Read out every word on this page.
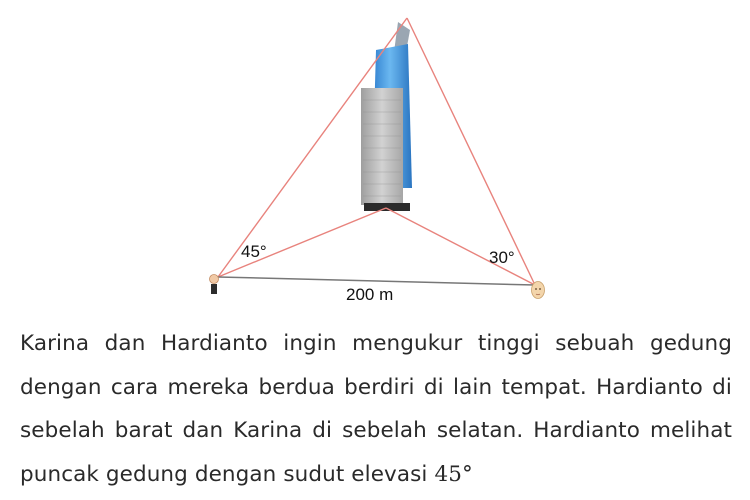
45°	30°
200 m

Karina dan Hardianto ingin mengukur tinggi sebuah gedung dengan cara mereka berdua berdiri di lain tempat. Hardianto di sebelah barat dan Karina di sebelah selatan. Hardianto melihat puncak gedung dengan sudut elevasi 45°
